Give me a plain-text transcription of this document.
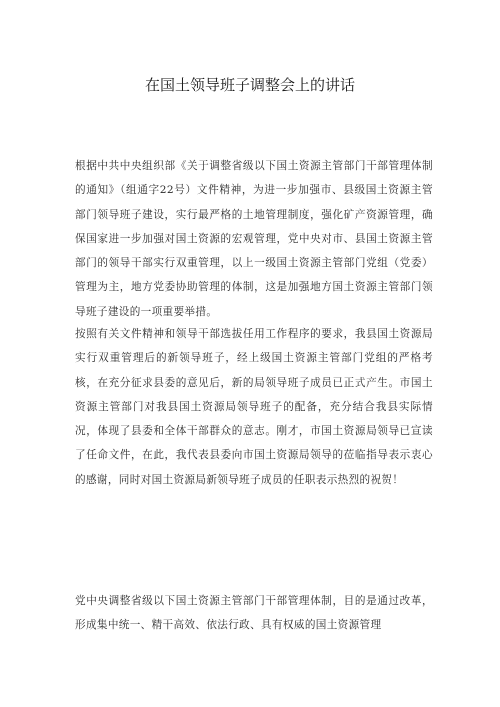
在国土领导班子调整会上的讲话
根据中共中央组织部《关于调整省级以下国土资源主管部门干部管理体制的通知》（组通字22号）文件精神，为进一步加强市、县级国土资源主管部门领导班子建设，实行最严格的土地管理制度，强化矿产资源管理，确保国家进一步加强对国土资源的宏观管理，党中央对市、县国土资源主管部门的领导干部实行双重管理，以上一级国土资源主管部门党组（党委）管理为主，地方党委协助管理的体制，这是加强地方国土资源主管部门领导班子建设的一项重要举措。
按照有关文件精神和领导干部选拔任用工作程序的要求，我县国土资源局实行双重管理后的新领导班子，经上级国土资源主管部门党组的严格考核，在充分征求县委的意见后，新的局领导班子成员已正式产生。市国土资源主管部门对我县国土资源局领导班子的配备，充分结合我县实际情况，体现了县委和全体干部群众的意志。刚才，市国土资源局领导已宣读了任命文件，在此，我代表县委向市国土资源局领导的莅临指导表示衷心的感谢，同时对国土资源局新领导班子成员的任职表示热烈的祝贺！
党中央调整省级以下国土资源主管部门干部管理体制，目的是通过改革，形成集中统一、精干高效、依法行政、具有权威的国土资源管理
